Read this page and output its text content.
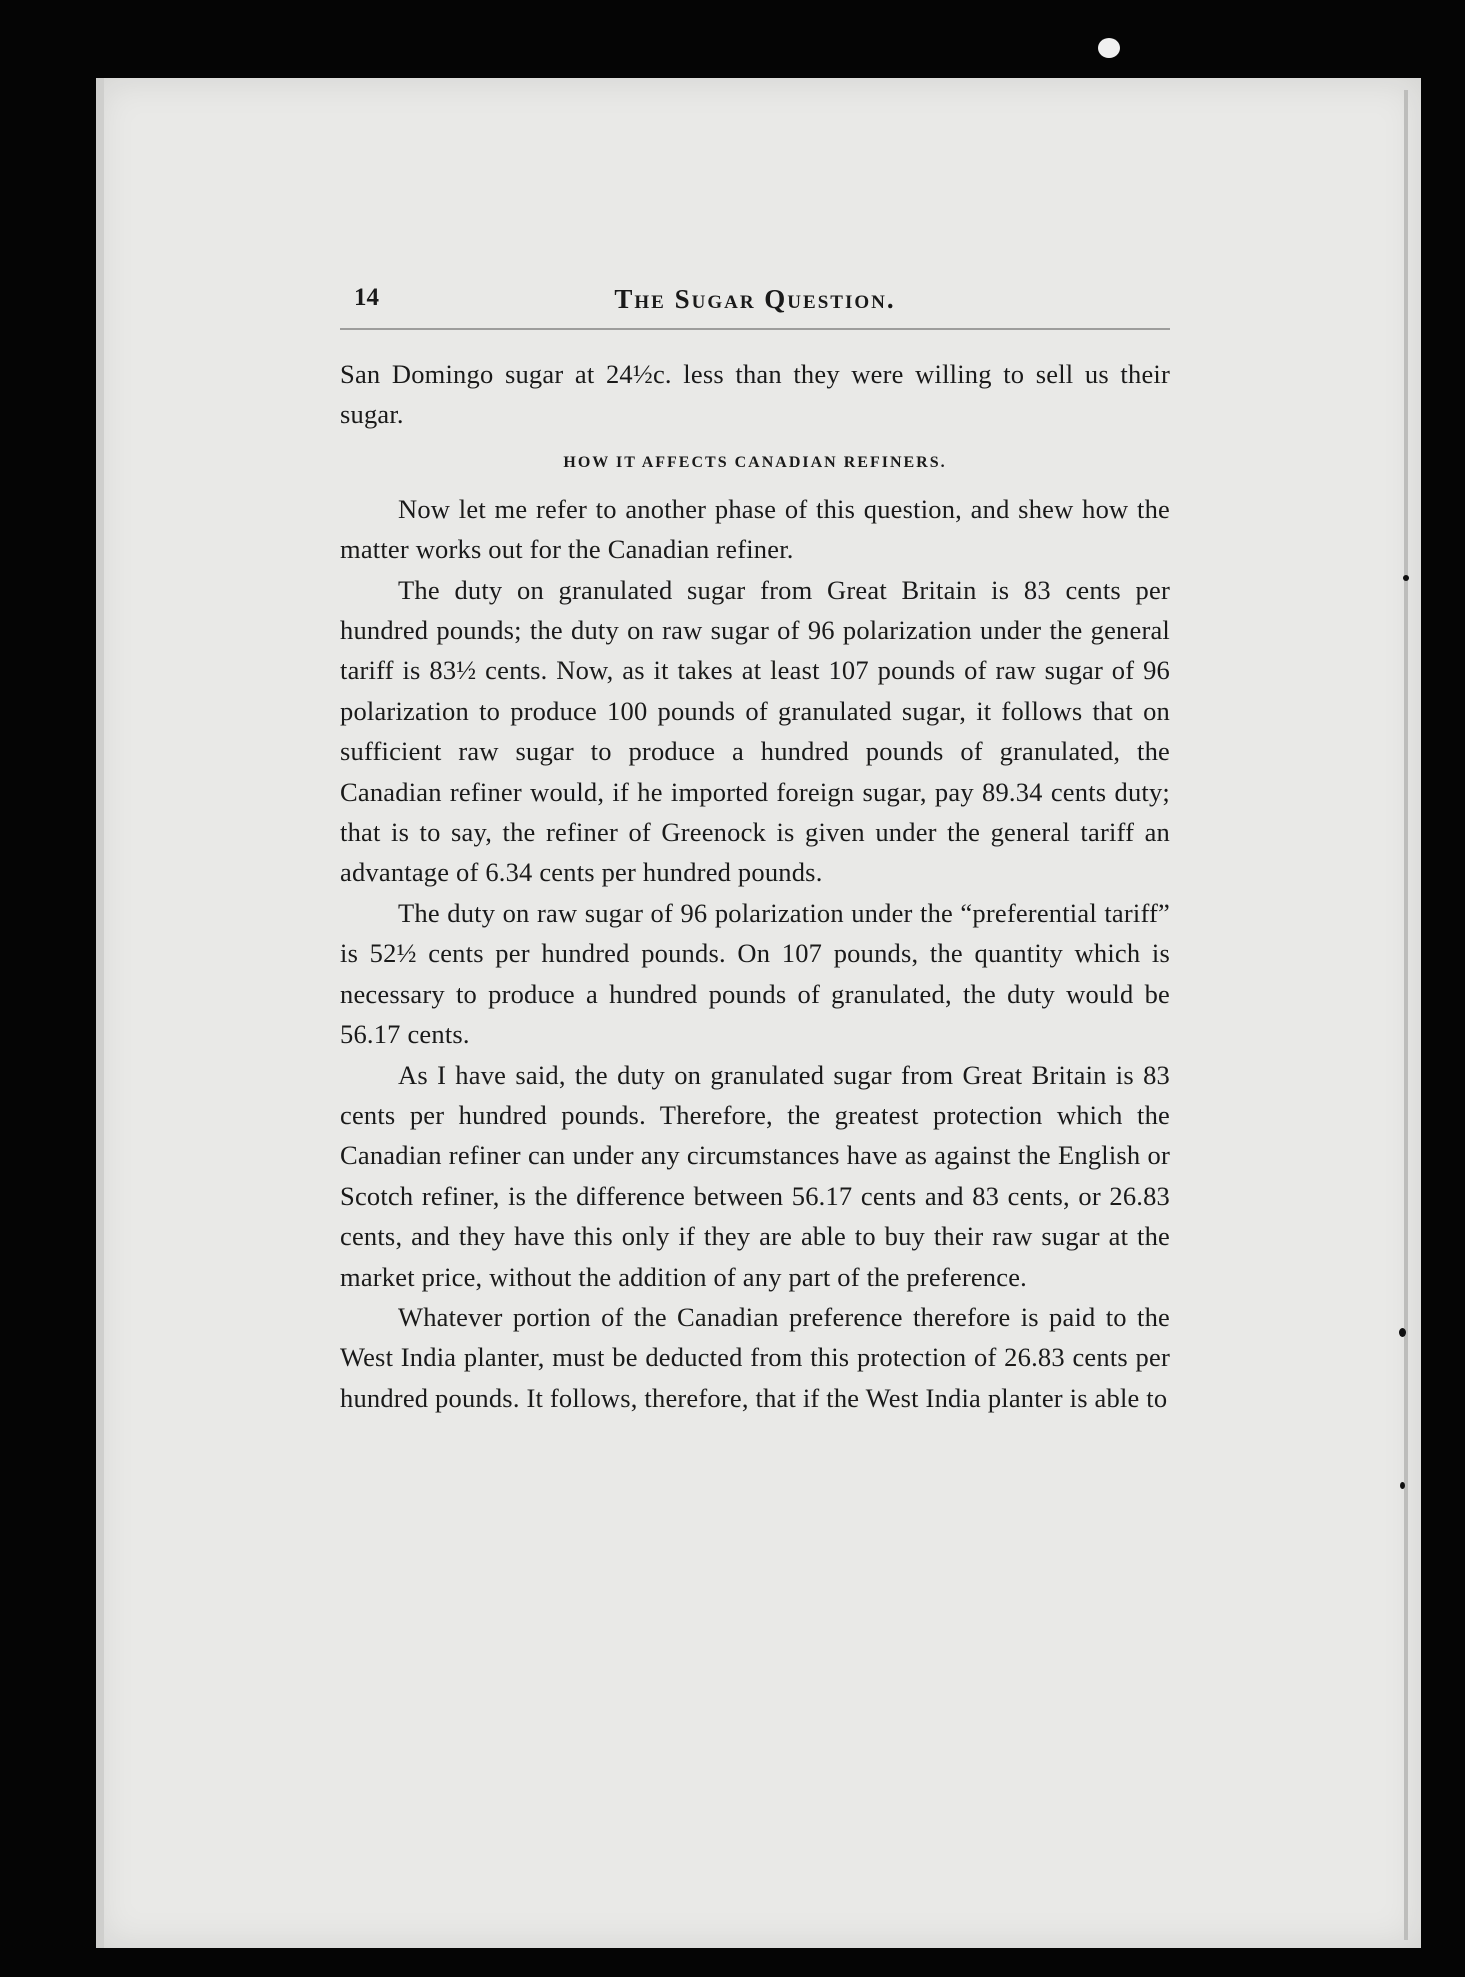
14	The Sugar Question.

San Domingo sugar at 24½c. less than they were willing to sell us their sugar.

HOW IT AFFECTS CANADIAN REFINERS.

Now let me refer to another phase of this question, and shew how the matter works out for the Canadian refiner.

The duty on granulated sugar from Great Britain is 83 cents per hundred pounds; the duty on raw sugar of 96 polarization under the general tariff is 83½ cents. Now, as it takes at least 107 pounds of raw sugar of 96 polarization to produce 100 pounds of granulated sugar, it follows that on sufficient raw sugar to produce a hundred pounds of granulated, the Canadian refiner would, if he imported foreign sugar, pay 89.34 cents duty; that is to say, the refiner of Greenock is given under the general tariff an advantage of 6.34 cents per hundred pounds.

The duty on raw sugar of 96 polarization under the “preferential tariff” is 52½ cents per hundred pounds. On 107 pounds, the quantity which is necessary to produce a hundred pounds of granulated, the duty would be 56.17 cents.

As I have said, the duty on granulated sugar from Great Britain is 83 cents per hundred pounds. Therefore, the greatest protection which the Canadian refiner can under any circumstances have as against the English or Scotch refiner, is the difference between 56.17 cents and 83 cents, or 26.83 cents, and they have this only if they are able to buy their raw sugar at the market price, without the addition of any part of the preference.

Whatever portion of the Canadian preference therefore is paid to the West India planter, must be deducted from this protection of 26.83 cents per hundred pounds. It follows, therefore, that if the West India planter is able to
